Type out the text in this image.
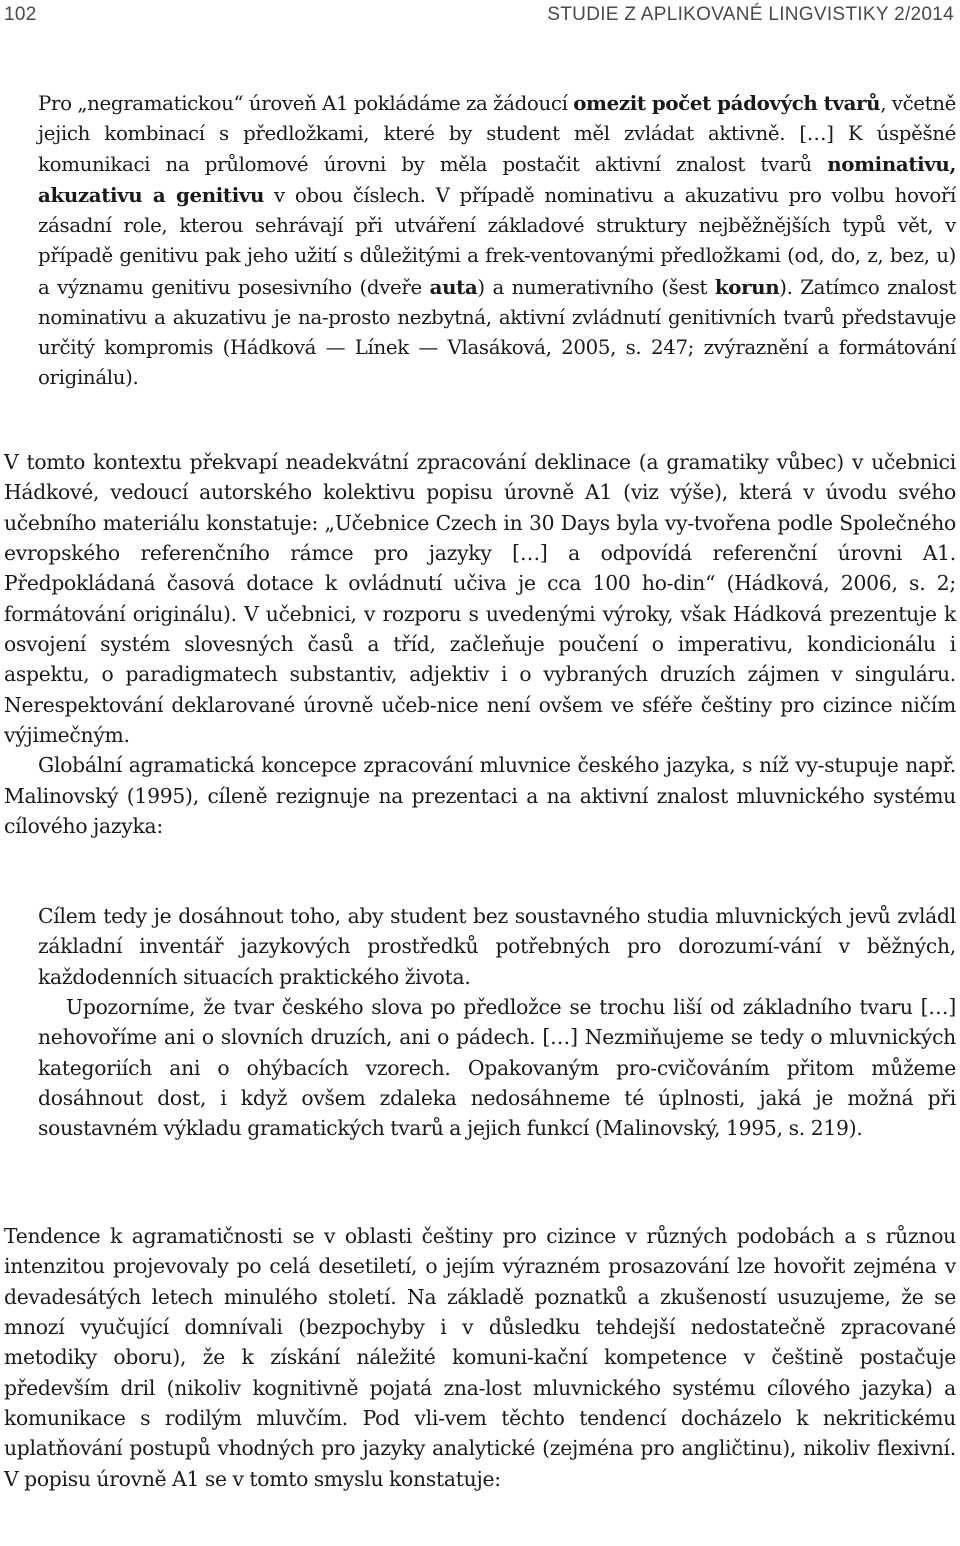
102	STUDIE Z APLIKOVANÉ LINGVISTIKY 2/2014

Pro „negramatickou“ úroveň A1 pokládáme za žádoucí omezit počet pádových tvarů, včetně jejich kombinací s předložkami, které by student měl zvládat aktivně. […] K úspěšné komunikaci na průlomové úrovni by měla postačit aktivní znalost tvarů nominativu, akuzativu a genitivu v obou číslech. V případě nominativu a akuzativu pro volbu hovoří zásadní role, kterou sehrávají při utváření základové struktury nejběžnějších typů vět, v případě genitivu pak jeho užití s důležitými a frek-ventovanými předložkami (od, do, z, bez, u) a významu genitivu posesivního (dveře auta) a numerativního (šest korun). Zatímco znalost nominativu a akuzativu je na-prosto nezbytná, aktivní zvládnutí genitivních tvarů představuje určitý kompromis (Hádková — Línek — Vlasáková, 2005, s. 247; zvýraznění a formátování originálu).

V tomto kontextu překvapí neadekvátní zpracování deklinace (a gramatiky vůbec) v učebnici Hádkové, vedoucí autorského kolektivu popisu úrovně A1 (viz výše), která v úvodu svého učebního materiálu konstatuje: „Učebnice Czech in 30 Days byla vy-tvořena podle Společného evropského referenčního rámce pro jazyky […] a odpovídá referenční úrovni A1. Předpokládaná časová dotace k ovládnutí učiva je cca 100 ho-din“ (Hádková, 2006, s. 2; formátování originálu). V učebnici, v rozporu s uvedenými výroky, však Hádková prezentuje k osvojení systém slovesných časů a tříd, začleňuje poučení o imperativu, kondicionálu i aspektu, o paradigmatech substantiv, adjektiv i o vybraných druzích zájmen v singuláru. Nerespektování deklarované úrovně učeb-nice není ovšem ve sféře češtiny pro cizince ničím výjimečným.

Globální agramatická koncepce zpracování mluvnice českého jazyka, s níž vy-stupuje např. Malinovský (1995), cíleně rezignuje na prezentaci a na aktivní znalost mluvnického systému cílového jazyka:

Cílem tedy je dosáhnout toho, aby student bez soustavného studia mluvnických jevů zvládl základní inventář jazykových prostředků potřebných pro dorozumí-vání v běžných, každodenních situacích praktického života.

Upozorníme, že tvar českého slova po předložce se trochu liší od základního tvaru […] nehovoříme ani o slovních druzích, ani o pádech. […] Nezmiňujeme se tedy o mluvnických kategoriích ani o ohýbacích vzorech. Opakovaným pro-cvičováním přitom můžeme dosáhnout dost, i když ovšem zdaleka nedosáhneme té úplnosti, jaká je možná při soustavném výkladu gramatických tvarů a jejich funkcí (Malinovský, 1995, s. 219).

Tendence k agramatičnosti se v oblasti češtiny pro cizince v různých podobách a s různou intenzitou projevovaly po celá desetiletí, o jejím výrazném prosazování lze hovořit zejména v devadesátých letech minulého století. Na základě poznatků a zkušeností usuzujeme, že se mnozí vyučující domnívali (bezpochyby i v důsledku tehdejší nedostatečně zpracované metodiky oboru), že k získání náležité komuni-kační kompetence v češtině postačuje především dril (nikoliv kognitivně pojatá zna-lost mluvnického systému cílového jazyka) a komunikace s rodilým mluvčím. Pod vli-vem těchto tendencí docházelo k nekritickému uplatňování postupů vhodných pro jazyky analytické (zejména pro angličtinu), nikoliv flexivní. V popisu úrovně A1 se v tomto smyslu konstatuje:
